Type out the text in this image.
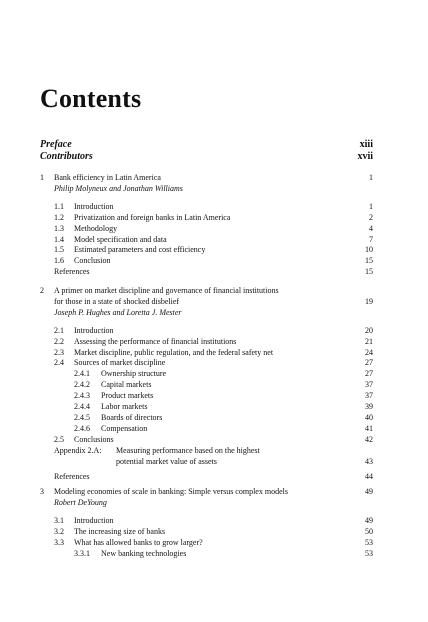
Contents
Preface	xiii
Contributors	xvii
1	Bank efficiency in Latin America	1
Philip Molyneux and Jonathan Williams
1.1	Introduction	1
1.2	Privatization and foreign banks in Latin America	2
1.3	Methodology	4
1.4	Model specification and data	7
1.5	Estimated parameters and cost efficiency	10
1.6	Conclusion	15
References	15
2	A primer on market discipline and governance of financial institutions
for those in a state of shocked disbelief	19
Joseph P. Hughes and Loretta J. Mester
2.1	Introduction	20
2.2	Assessing the performance of financial institutions	21
2.3	Market discipline, public regulation, and the federal safety net	24
2.4	Sources of market discipline	27
2.4.1	Ownership structure	27
2.4.2	Capital markets	37
2.4.3	Product markets	37
2.4.4	Labor markets	39
2.4.5	Boards of directors	40
2.4.6	Compensation	41
2.5	Conclusions	42
Appendix 2.A:	Measuring performance based on the highest
potential market value of assets	43
References	44
3	Modeling economies of scale in banking: Simple versus complex models	49
Robert DeYoung
3.1	Introduction	49
3.2	The increasing size of banks	50
3.3	What has allowed banks to grow larger?	53
3.3.1	New banking technologies	53
